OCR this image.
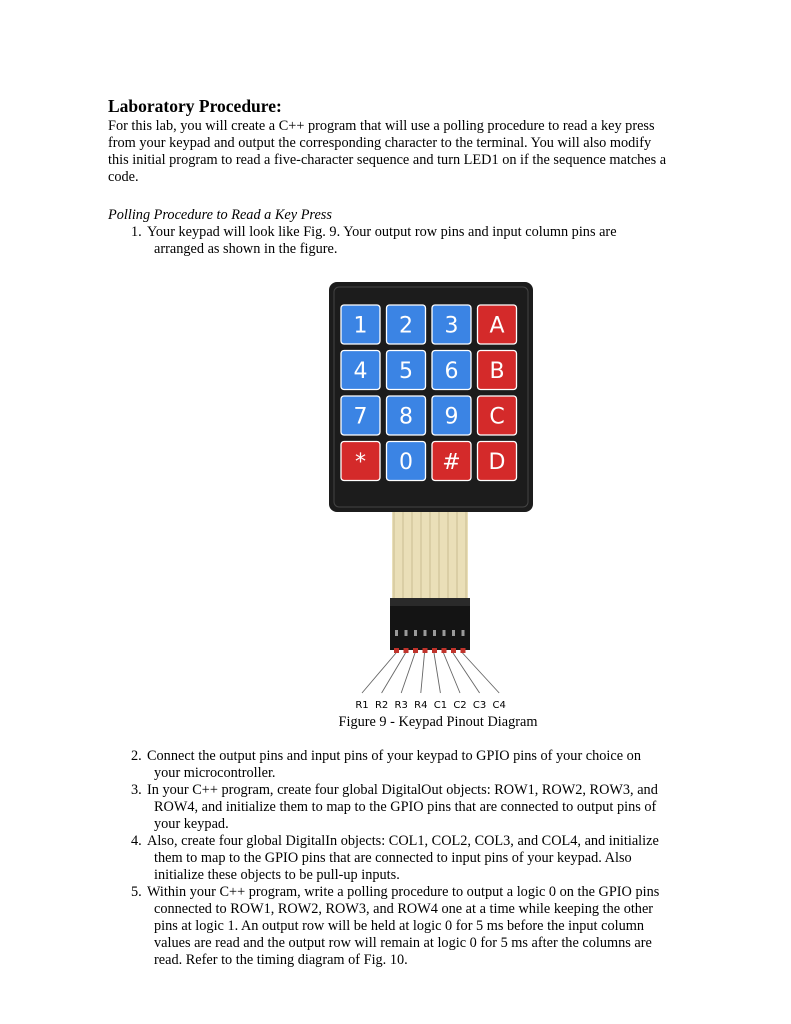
Laboratory Procedure:

For this lab, you will create a C++ program that will use a polling procedure to read a key press
from your keypad and output the corresponding character to the terminal. You will also modify
this initial program to read a five-character sequence and turn LED1 on if the sequence matches a
code.

Polling Procedure to Read a Key Press

1. Your keypad will look like Fig. 9. Your output row pins and input column pins are
arranged as shown in the figure.
2. Connect the output pins and input pins of your keypad to GPIO pins of your choice on
your microcontroller.
3. In your C++ program, create four global DigitalOut objects: ROW1, ROW2, ROW3, and
ROW4, and initialize them to map to the GPIO pins that are connected to output pins of
your keypad.
4. Also, create four global DigitalIn objects: COL1, COL2, COL3, and COL4, and initialize
them to map to the GPIO pins that are connected to input pins of your keypad. Also
initialize these objects to be pull-up inputs.
5. Within your C++ program, write a polling procedure to output a logic 0 on the GPIO pins
connected to ROW1, ROW2, ROW3, and ROW4 one at a time while keeping the other
pins at logic 1. An output row will be held at logic 0 for 5 ms before the input column
values are read and the output row will remain at logic 0 for 5 ms after the columns are
read. Refer to the timing diagram of Fig. 10.
1 2 3 A
4 5 6 B
7 8 9 C
* 0 # D
R1 R2 R3 R4 C1 C2 C3 C4

Figure 9 - Keypad Pinout Diagram
